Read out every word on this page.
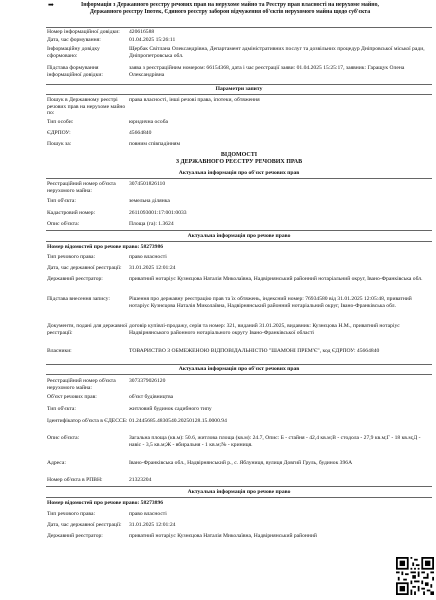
➡	Інформація з Державного реєстру речових прав на нерухоме майно та Реєстру прав власності на нерухоме майно,
Державного реєстру Іпотек, Єдиного реєстру заборон відчуження об'єктів нерухомого майна щодо суб'єкта
Номер інформаційної довідки:	420616588
Дата, час формування:	01.04.2025 15:26:11
Інформаційну довідку сформовано:
Щербак Світлана Олександрівна, Департамент адміністративних послуг та дозвільних процедур Дніпровської міської ради, Дніпропетровська обл.
Підстава формування інформаційної довідки:
заява з реєстраційним номером: 66154368, дата і час реєстрації заяви: 01.04.2025 15:25:17, заявник: Гаращук Олена Олександрівна
Параметри запиту
Пошук в Державному реєстрі речових прав на нерухоме майно по:
права власності, інші речові права, іпотеки, обтяження
Тип особи:	юридична особа
ЄДРПОУ:	45664840
Пошук за:	повним співпадінням
ВІДОМОСТІ
З ДЕРЖАВНОГО РЕЄСТРУ РЕЧОВИХ ПРАВ
Актуальна інформація про об'єкт речових прав
Реєстраційний номер об'єкта нерухомого майна:
3074501826110
Тип об'єкта:	земельна ділянка
Кадастровий номер:	2611093001:17:001:0033
Опис об'єкта:	Площа (га): 1.3624
Актуальна інформація про речове право
Номер відомостей про речове право: 58273986
Тип речового права:	право власності
Дата, час державної реєстрації:	31.01.2025 12:01:24
Державний реєстратор:	приватний нотаріус Кузнєцова Наталія Миколаївна, Надвірнянський районний нотаріальний округ, Івано-Франківська обл.
Підстава внесення запису:	Рішення про державну реєстрацію прав та їх обтяжень, індексний номер: 76934580 від 31.01.2025 12:05:48, приватний нотаріус Кузнєцова Наталія Миколаївна, Надвірнянський районний нотаріальний округ, Івано-Франківська обл.
Документи, подані для державної реєстрації:
договір купівлі-продажу, серія та номер: 321, виданий 31.01.2025, видавник: Кузнєцова Н.М., приватний нотаріус Надвірнянського районного нотаріального округу Івано-Франківської області
Власники:	ТОВАРИСТВО З ОБМЕЖЕНОЮ ВІДПОВІДАЛЬНІСТЮ "ШАМОНІ ПРЕМ'Є", код ЄДРПОУ: 45664840
Актуальна інформація про об'єкт речових прав
Реєстраційний номер об'єкта нерухомого майна:
3073379026120
Об'єкт речових прав:	об'єкт будівництва
Тип об'єкта:	житловий будинок садибного типу
Ідентифікатор об'єкта в ЄДЕССБ: 01.2445685.4830540.20250128.15.0000.94
Опис об'єкта:	Загальна площа (кв.м): 50.6, житлова площа (кв.м): 24.7, Опис: Б - стайня - 42,4 кв.м;В - стодола - 27,9 кв.м;Г - 18 кв.м;Д - навіс - 3,5 кв.м;Ж - вбиральня - 1 кв.м;№ - криниця.
Адреса:	Івано-Франківська обл., Надвірнянський р., с. Яблуниця, вулиця Довгий Груль, будинок 396А
Номер об'єкта в РПВН:	21323204
Актуальна інформація про речове право
Номер відомостей про речове право: 58273896
Тип речового права:	право власності
Дата, час державної реєстрації:	31.01.2025 12:01:24
Державний реєстратор:	приватний нотаріус Кузнєцова Наталія Миколаївна, Надвірнянський районний
